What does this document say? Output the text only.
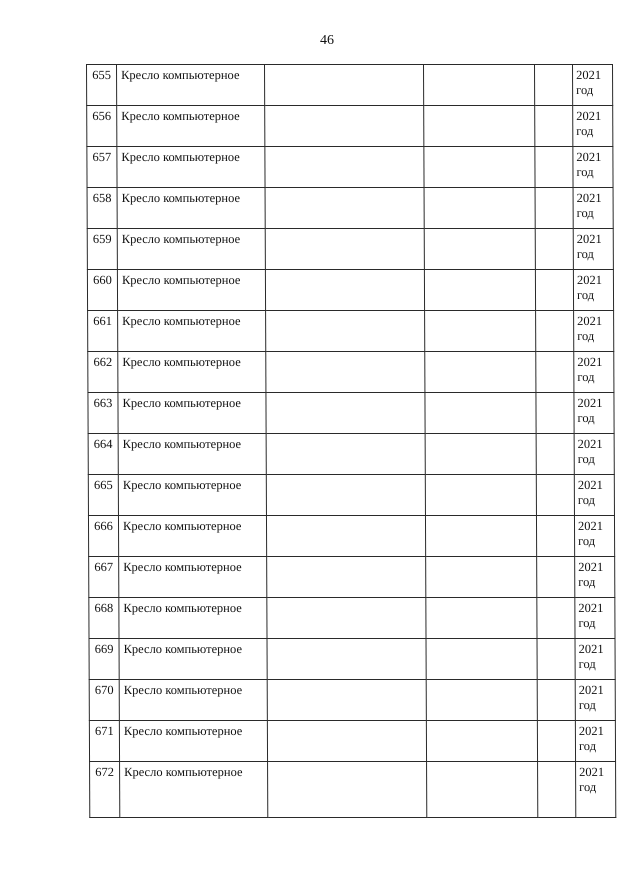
46
655	Кресло компьютерное				2021
год

656	Кресло компьютерное				2021
год

657	Кресло компьютерное				2021
год

658	Кресло компьютерное				2021
год

659	Кресло компьютерное				2021
год

660	Кресло компьютерное				2021
год

661	Кресло компьютерное				2021
год

662	Кресло компьютерное				2021
год

663	Кресло компьютерное				2021
год

664	Кресло компьютерное				2021
год

665	Кресло компьютерное				2021
год

666	Кресло компьютерное				2021
год

667	Кресло компьютерное				2021
год

668	Кресло компьютерное				2021
год

669	Кресло компьютерное				2021
год

670	Кресло компьютерное				2021
год

671	Кресло компьютерное				2021
год

672	Кресло компьютерное				2021
год
